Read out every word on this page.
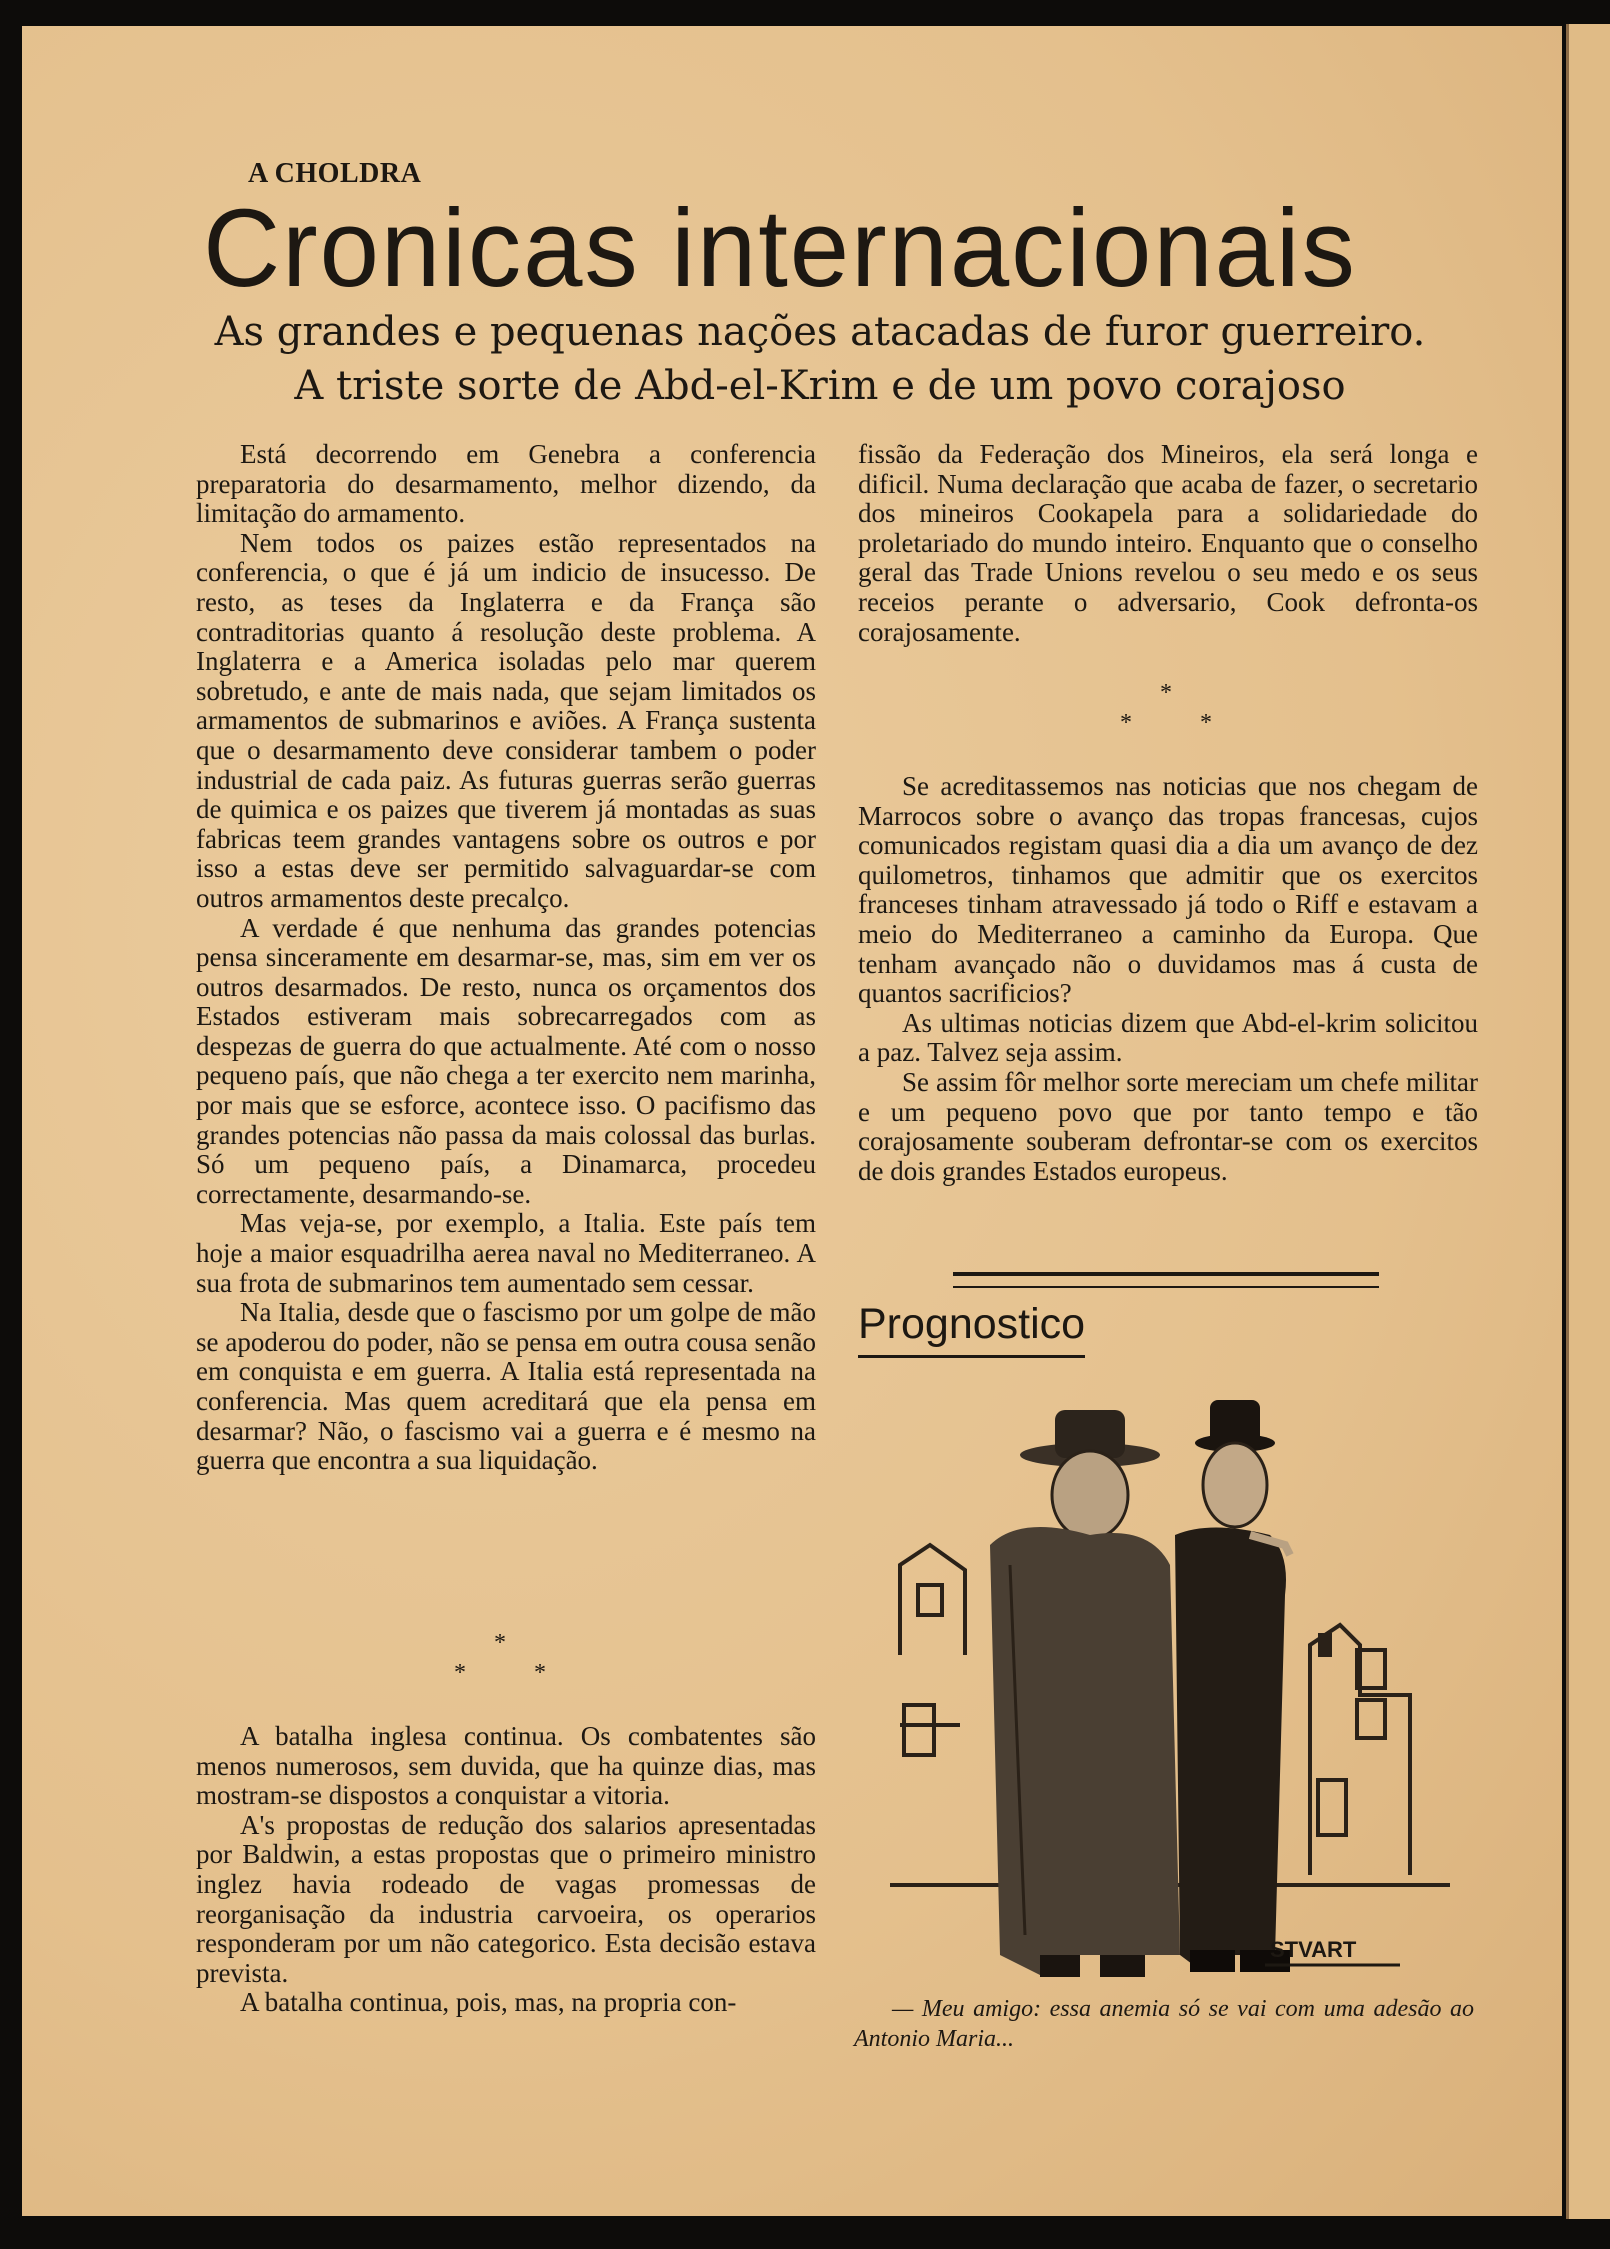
A CHOLDRA
Cronicas internacionais
As grandes e pequenas nações atacadas de furor guerreiro.
A triste sorte de Abd-el-Krim e de um povo corajoso

Está decorrendo em Genebra a conferencia preparatoria do desarmamento, melhor dizendo, da limitação do armamento.

Nem todos os paizes estão representados na conferencia, o que é já um indicio de insucesso. De resto, as teses da Inglaterra e da França são contraditorias quanto á resolução deste problema. A Inglaterra e a America isoladas pelo mar querem sobretudo, e ante de mais nada, que sejam limitados os armamentos de submarinos e aviões. A França sustenta que o desarmamento deve considerar tambem o poder industrial de cada paiz. As futuras guerras serão guerras de quimica e os paizes que tiverem já montadas as suas fabricas teem grandes vantagens sobre os outros e por isso a estas deve ser permitido salvaguardar-se com outros armamentos deste precalço.

A verdade é que nenhuma das grandes potencias pensa sinceramente em desarmar-se, mas, sim em ver os outros desarmados. De resto, nunca os orçamentos dos Estados estiveram mais sobrecarregados com as despezas de guerra do que actualmente. Até com o nosso pequeno país, que não chega a ter exercito nem marinha, por mais que se esforce, acontece isso. O pacifismo das grandes potencias não passa da mais colossal das burlas. Só um pequeno país, a Dinamarca, procedeu correctamente, desarmando-se.

Mas veja-se, por exemplo, a Italia. Este país tem hoje a maior esquadrilha aerea naval no Mediterraneo. A sua frota de submarinos tem aumentado sem cessar.

Na Italia, desde que o fascismo por um golpe de mão se apoderou do poder, não se pensa em outra cousa senão em conquista e em guerra. A Italia está representada na conferencia. Mas quem acreditará que ela pensa em desarmar? Não, o fascismo vai a guerra e é mesmo na guerra que encontra a sua liquidação.

*
*	*

A batalha inglesa continua. Os combatentes são menos numerosos, sem duvida, que ha quinze dias, mas mostram-se dispostos a conquistar a vitoria.

A's propostas de redução dos salarios apresentadas por Baldwin, a estas propostas que o primeiro ministro inglez havia rodeado de vagas promessas de reorganisação da industria carvoeira, os operarios responderam por um não categorico. Esta decisão estava prevista.

A batalha continua, pois, mas, na propria con-

fissão da Federação dos Mineiros, ela será longa e dificil. Numa declaração que acaba de fazer, o secretario dos mineiros Cookapela para a solidariedade do proletariado do mundo inteiro. Enquanto que o conselho geral das Trade Unions revelou o seu medo e os seus receios perante o adversario, Cook defronta-os corajosamente.

*
*	*

Se acreditassemos nas noticias que nos chegam de Marrocos sobre o avanço das tropas francesas, cujos comunicados registam quasi dia a dia um avanço de dez quilometros, tinhamos que admitir que os exercitos franceses tinham atravessado já todo o Riff e estavam a meio do Mediterraneo a caminho da Europa. Que tenham avançado não o duvidamos mas á custa de quantos sacrificios?

As ultimas noticias dizem que Abd-el-krim solicitou a paz. Talvez seja assim.

Se assim fôr melhor sorte mereciam um chefe militar e um pequeno povo que por tanto tempo e tão corajosamente souberam defrontar-se com os exercitos de dois grandes Estados europeus.

Prognostico
STVART

— Meu amigo: essa anemia só se vai com uma adesão ao Antonio Maria...
